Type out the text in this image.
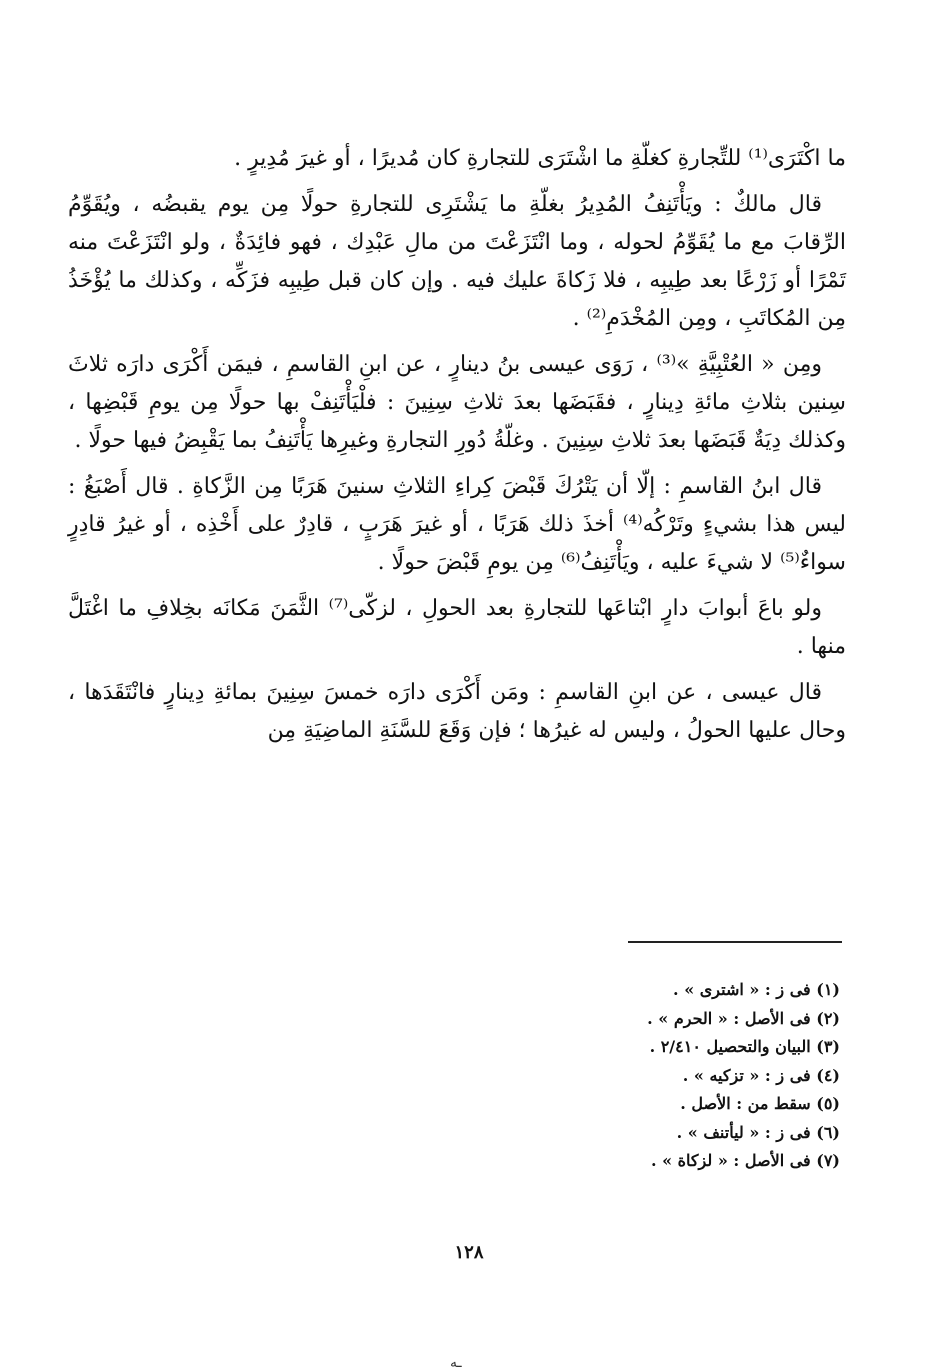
ما اكْتَرَى⁽¹⁾ للتِّجارةِ كغلّةِ ما اشْتَرَى للتجارةِ كان مُديرًا ، أو غيرَ مُدِيرٍ .

قال مالكٌ : ويَأْتَنِفُ المُدِيرُ بغلّةِ ما يَشْتَرِى للتجارةِ حولًا مِن يوم يقبضُه ، ويُقَوِّمُ الرِّقابَ مع ما يُقَوِّمُ لحوله ، وما انْتَزَعْتَ من مالِ عَبْدِك ، فهو فائِدَةٌ ، ولو انْتَزَعْتَ منه تَمْرًا أو زَرْعًا بعد طِيبِه ، فلا زَكاةَ عليك فيه . وإن كان قبل طِيبِه فزَكِّه ، وكذلك ما يُؤْخَذُ مِن المُكاتَبِ ، ومِن المُخْدَمِ⁽²⁾ .

ومِن « العُتْبِيَّةِ »⁽³⁾ ، رَوَى عيسى بنُ دينارٍ ، عن ابنِ القاسمِ ، فيمَن أَكْرَى دارَه ثلاثَ سِنين بثلاثِ مائةِ دِينارٍ ، فقَبَضَها بعدَ ثلاثِ سِنِينَ : فلْيَأْتَنِفْ بها حولًا مِن يومِ قَبْضِها ، وكذلك دِيَةٌ قَبَضَها بعدَ ثلاثِ سِنِينَ . وغلّةُ دُورِ التجارةِ وغيرِها يَأْتَنِفُ بما يَقْبِضُ فيها حولًا .

قال ابنُ القاسمِ : إلّا أن يَتْرُكَ قَبْضَ كِراءِ الثلاثِ سنينَ هَرَبًا مِن الزَّكاةِ . قال أَصْبَغُ : ليس هذا بشيءٍ وتَرْكُه⁽⁴⁾ أخذَ ذلك هَرَبًا ، أو غيرَ هَرَبٍ ، قادِرٌ على أَخْذِه ، أو غيرُ قادِرٍ سواءٌ⁽⁵⁾ لا شيءَ عليه ، ويَأْتَنِفُ⁽⁶⁾ مِن يومِ قَبْضَ حولًا .

ولو باعَ أبوابَ دارٍ ابْتاعَها للتجارةِ بعد الحولِ ، لزكّى⁽⁷⁾ الثَّمَنَ مَكانَه بخِلافِ ما اغْتَلَّ منها .

قال عيسى ، عن ابنِ القاسمِ : ومَن أَكْرَى دارَه خمسَ سِنِينَ بمائةِ دِينارٍ فانْتَقَدَها ، وحال عليها الحولُ ، وليس له غيرُها ؛ فإن وَقَعَ للسَّنَةِ الماضِيَةِ مِن

(١) فى ز : « اشترى » .
(٢) فى الأصل : « الحرم » .
(٣) البيان والتحصيل ٢/٤١٠ .
(٤) فى ز : « تزكيه » .
(٥) سقط من : الأصل .
(٦) فى ز : « ليأتنف » .
(٧) فى الأصل : « لزكاة » .
١٢٨
ـه
